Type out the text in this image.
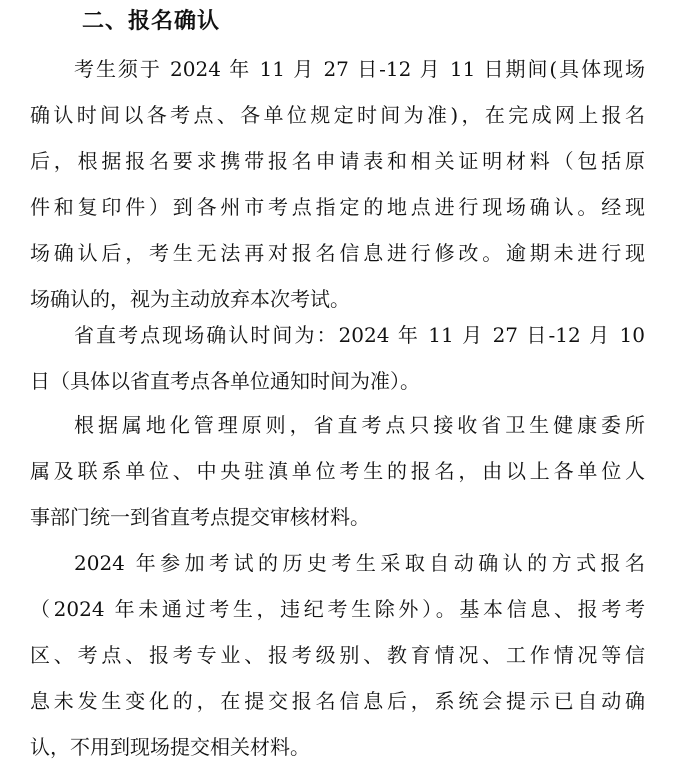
二、报名确认
考生须于 2024 年 11 月 27 日-12 月 11 日期间(具体现场
确认时间以各考点、各单位规定时间为准)，在完成网上报名
后，根据报名要求携带报名申请表和相关证明材料（包括原
件和复印件）到各州市考点指定的地点进行现场确认。经现
场确认后，考生无法再对报名信息进行修改。逾期未进行现
场确认的，视为主动放弃本次考试。
省直考点现场确认时间为：2024 年 11 月 27 日-12 月 10
日（具体以省直考点各单位通知时间为准）。
根据属地化管理原则，省直考点只接收省卫生健康委所
属及联系单位、中央驻滇单位考生的报名，由以上各单位人
事部门统一到省直考点提交审核材料。
2024 年参加考试的历史考生采取自动确认的方式报名
（2024 年未通过考生，违纪考生除外）。基本信息、报考考
区、考点、报考专业、报考级别、教育情况、工作情况等信
息未发生变化的，在提交报名信息后，系统会提示已自动确
认，不用到现场提交相关材料。
